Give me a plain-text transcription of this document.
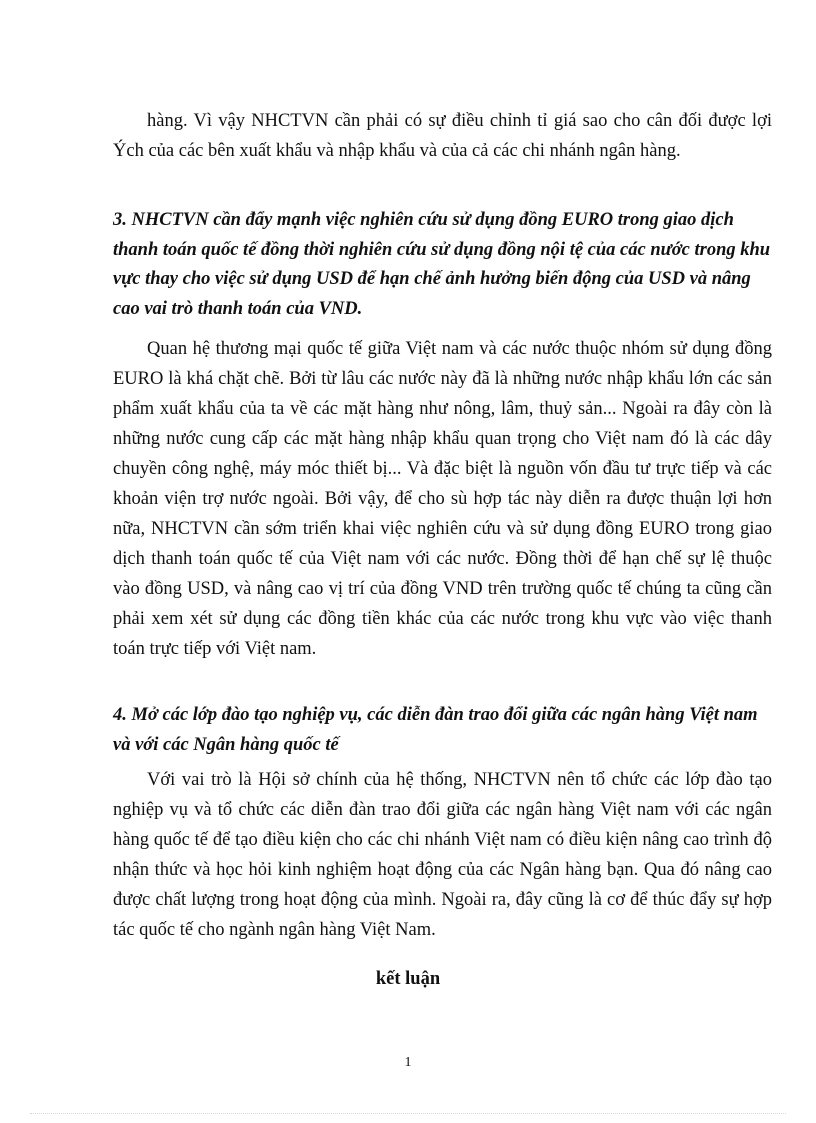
hàng. Vì vậy NHCTVN cần phải có sự điều chỉnh tỉ giá sao cho cân đối được lợi Ých của các bên xuất khẩu và nhập khẩu và của cả các chi nhánh ngân hàng.

3. NHCTVN cần đẩy mạnh việc nghiên cứu sử dụng đồng EURO trong giao dịch thanh toán quốc tế đồng thời nghiên cứu sử dụng đồng nội tệ của các nước trong khu vực thay cho việc sử dụng USD để hạn chế ảnh hưởng biến động của USD và nâng cao vai trò thanh toán của VND.

Quan hệ thương mại quốc tế giữa Việt nam và các nước thuộc nhóm sử dụng đồng EURO là khá chặt chẽ. Bởi từ lâu các nước này đã là những nước nhập khẩu lớn các sản phẩm xuất khẩu của ta về các mặt hàng như nông, lâm, thuỷ sản... Ngoài ra đây còn là những nước cung cấp các mặt hàng nhập khẩu quan trọng cho Việt nam đó là các dây chuyền công nghệ, máy móc thiết bị... Và đặc biệt là nguồn vốn đầu tư trực tiếp và các khoản viện trợ nước ngoài. Bởi vậy, để cho sù hợp tác này diễn ra được thuận lợi hơn nữa, NHCTVN cần sớm triển khai việc nghiên cứu và sử dụng đồng EURO trong giao dịch thanh toán quốc tế của Việt nam với các nước. Đồng thời để hạn chế sự lệ thuộc vào đồng USD, và nâng cao vị trí của đồng VND trên trường quốc tế chúng ta cũng cần phải xem xét sử dụng các đồng tiền khác của các nước trong khu vực vào việc thanh toán trực tiếp với Việt nam.

4. Mở các lớp đào tạo nghiệp vụ, các diễn đàn trao đổi giữa các ngân hàng Việt nam và với các Ngân hàng quốc tế

Với vai trò là Hội sở chính của hệ thống, NHCTVN nên tổ chức các lớp đào tạo nghiệp vụ và tổ chức các diễn đàn trao đổi giữa các ngân hàng Việt nam với các ngân hàng quốc tế để tạo điều kiện cho các chi nhánh Việt nam có điều kiện nâng cao trình độ nhận thức và học hỏi kinh nghiệm hoạt động của các Ngân hàng bạn. Qua đó nâng cao được chất lượng trong hoạt động của mình. Ngoài ra, đây cũng là cơ để thúc đẩy sự hợp tác quốc tế cho ngành ngân hàng Việt Nam.

kết luận
1
